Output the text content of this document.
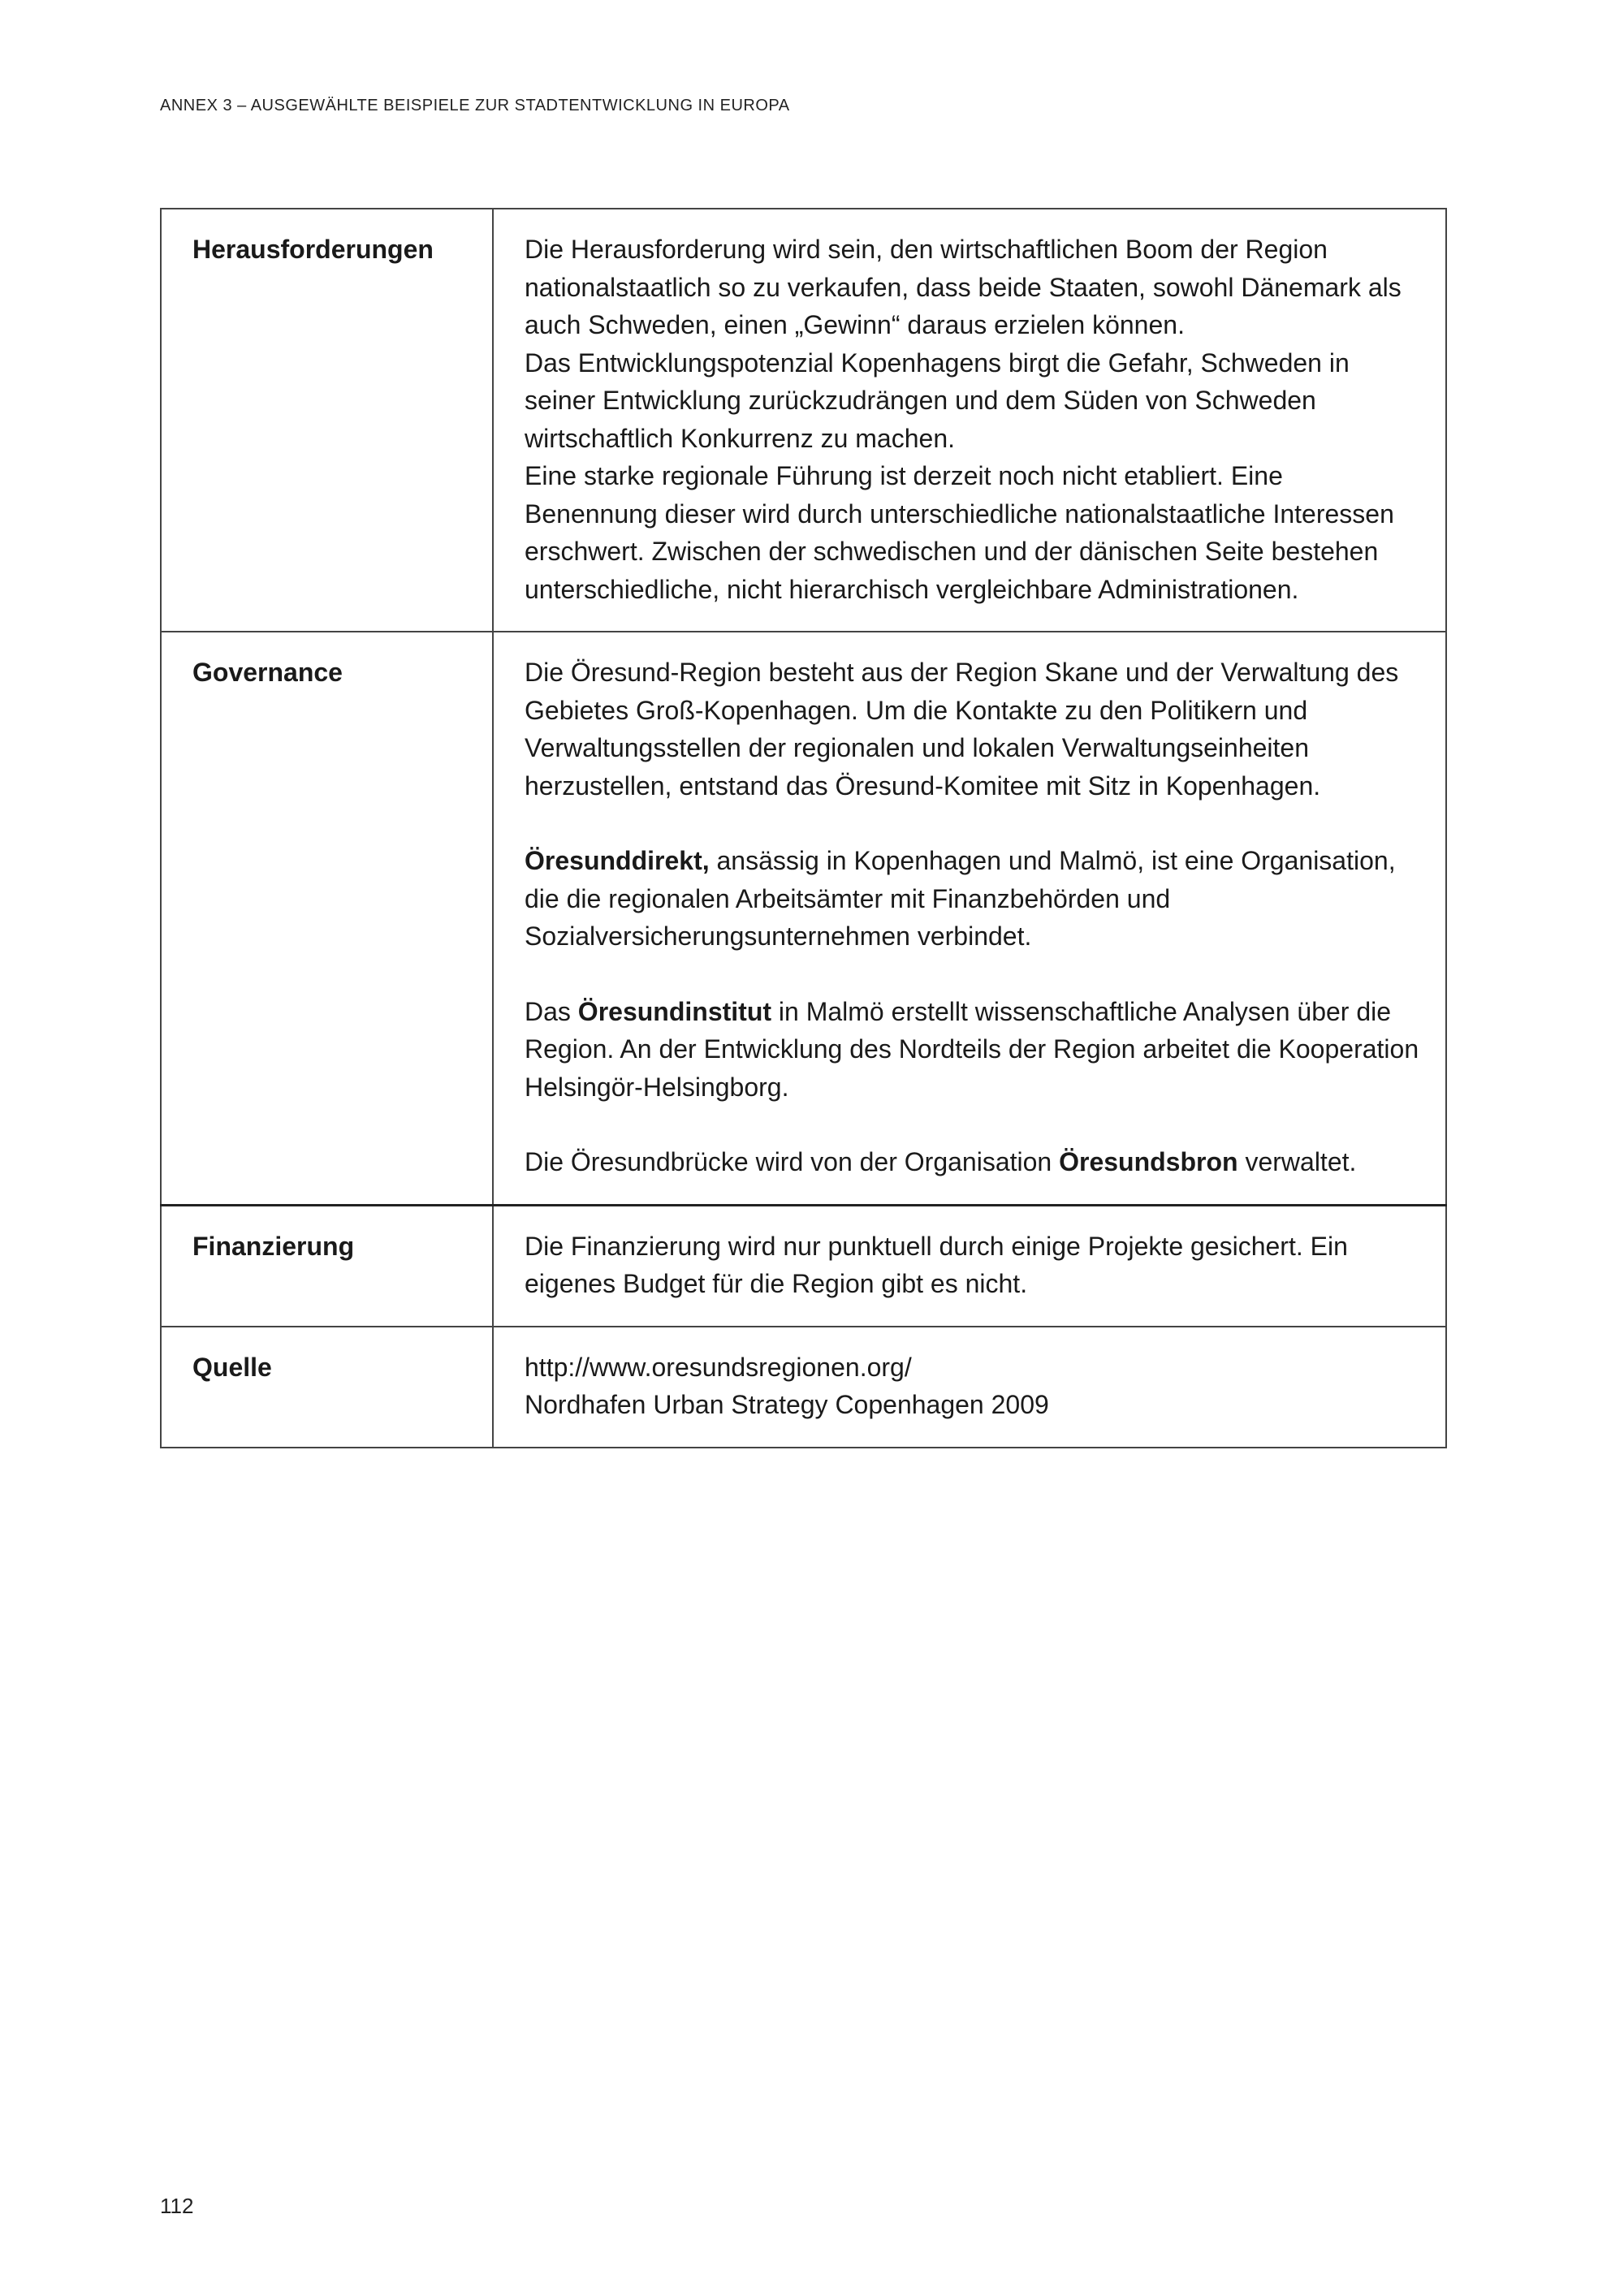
ANNEX 3 – AUSGEWÄHLTE BEISPIELE ZUR STADTENTWICKLUNG IN EUROPA
Herausforderungen	Die Herausforderung wird sein, den wirtschaftlichen Boom der Region nationalstaatlich so zu verkaufen, dass beide Staaten, sowohl Dänemark als auch Schweden, einen „Gewinn“ daraus erzielen können.

Das Entwicklungspotenzial Kopenhagens birgt die Gefahr, Schweden in seiner Entwicklung zurückzudrängen und dem Süden von Schweden wirtschaftlich Konkurrenz zu machen.

Eine starke regionale Führung ist derzeit noch nicht etabliert. Eine Benennung dieser wird durch unterschiedliche nationalstaatliche Interessen erschwert. Zwischen der schwedischen und der dänischen Seite bestehen unterschiedliche, nicht hierarchisch vergleichbare Administrationen.

Governance	Die Öresund-Region besteht aus der Region Skane und der Verwaltung des Gebietes Groß-Kopenhagen. Um die Kontakte zu den Politikern und Verwaltungsstellen der regionalen und lokalen Verwaltungseinheiten herzustellen, entstand das Öresund-Komitee mit Sitz in Kopenhagen.

Öresunddirekt, ansässig in Kopenhagen und Malmö, ist eine Organisation, die die regionalen Arbeitsämter mit Finanzbehörden und Sozialversicherungsunternehmen verbindet.

Das Öresundinstitut in Malmö erstellt wissenschaftliche Analysen über die Region. An der Entwicklung des Nordteils der Region arbeitet die Kooperation Helsingör-Helsingborg.

Die Öresundbrücke wird von der Organisation Öresundsbron verwaltet.

Finanzierung	Die Finanzierung wird nur punktuell durch einige Projekte gesichert. Ein eigenes Budget für die Region gibt es nicht.

Quelle	http://www.oresundsregionen.org/

Nordhafen Urban Strategy Copenhagen 2009

112
